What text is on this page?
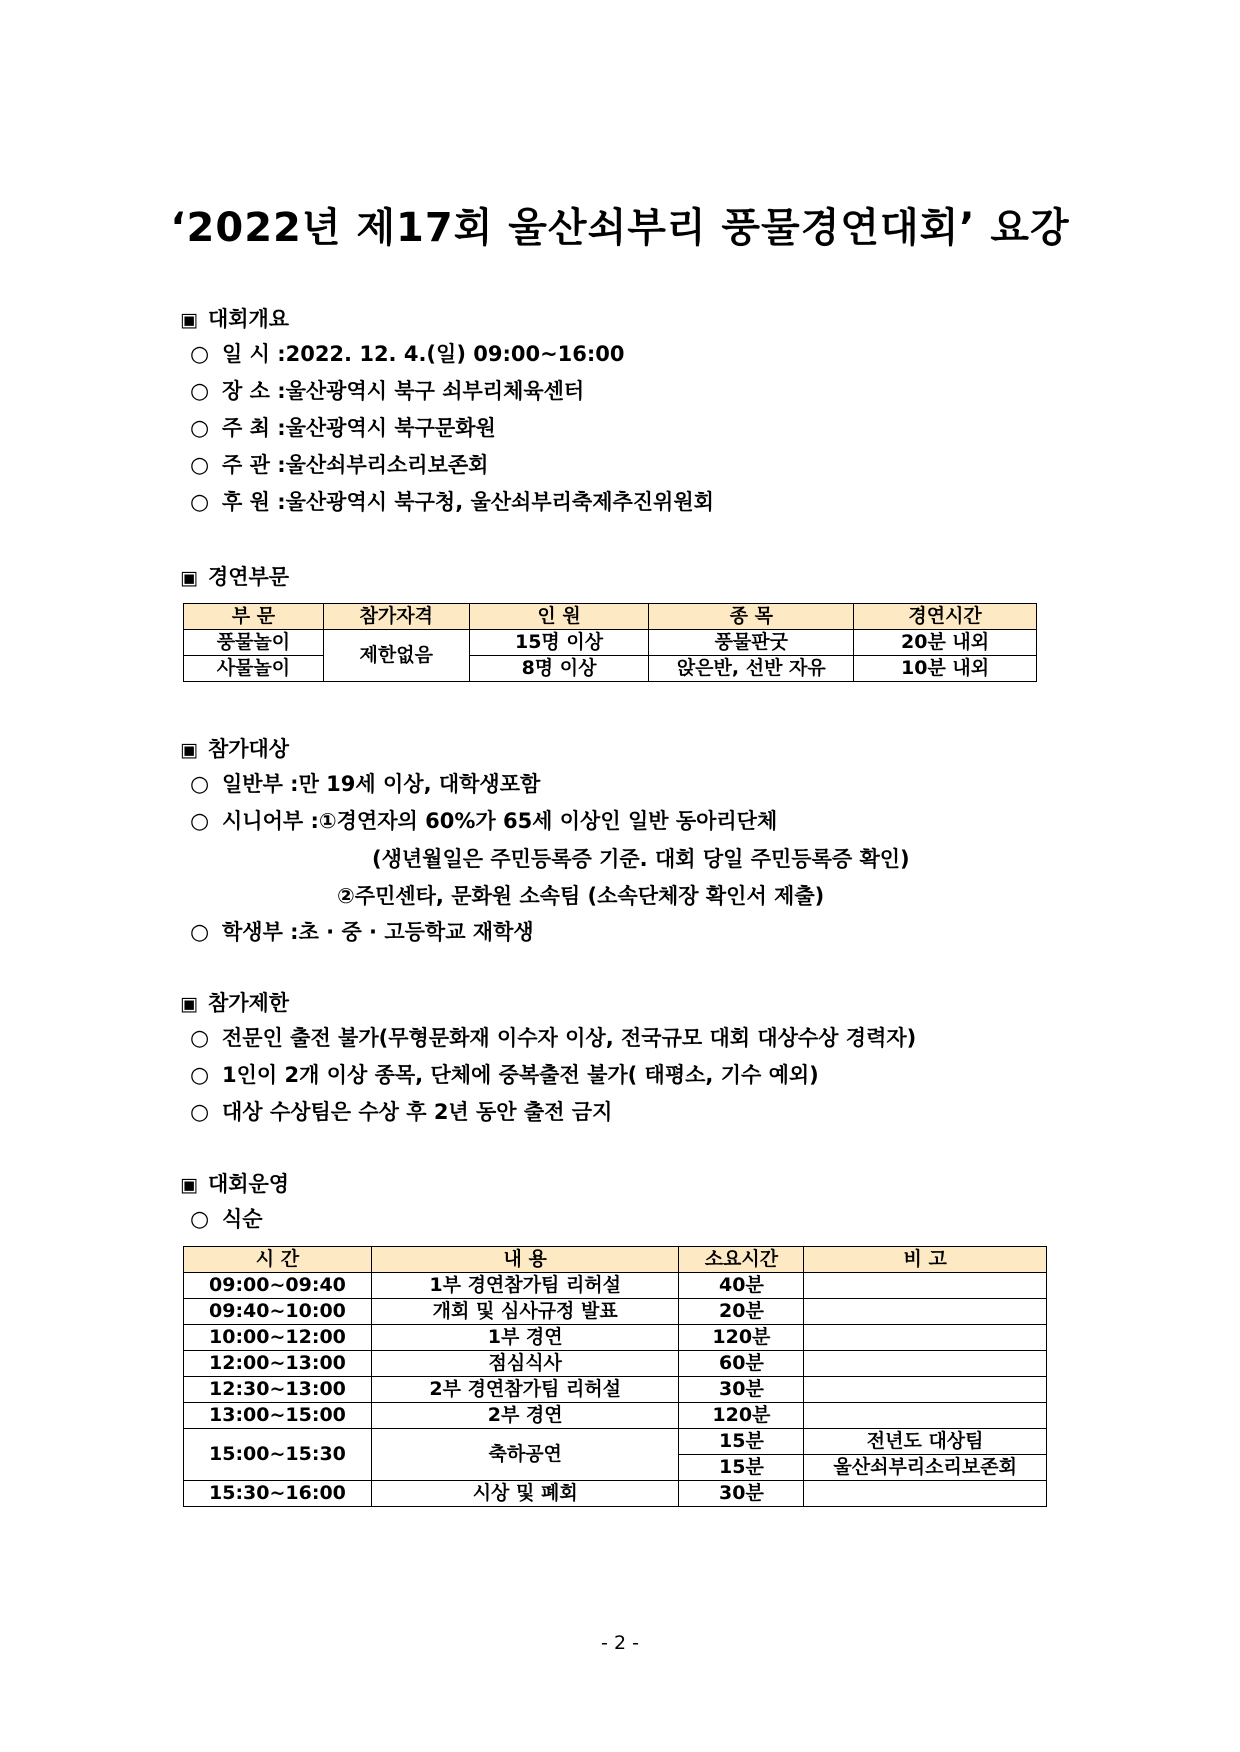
‘2022년 제17회 울산쇠부리 풍물경연대회’ 요강
▣ 대회개요
○ 일 시 :2022. 12. 4.(일) 09:00~16:00
○ 장 소 :울산광역시 북구 쇠부리체육센터
○ 주 최 :울산광역시 북구문화원
○ 주 관 :울산쇠부리소리보존회
○ 후 원 :울산광역시 북구청, 울산쇠부리축제추진위원회
▣ 경연부문
부 문	참가자격	인 원	종 목	경연시간
풍물놀이	제한없음	15명 이상	풍물판굿	20분 내외
사물놀이		8명 이상	앉은반, 선반 자유	10분 내외
▣ 참가대상
○ 일반부 :만 19세 이상, 대학생포함
○ 시니어부 :①경연자의 60%가 65세 이상인 일반 동아리단체
(생년월일은 주민등록증 기준. 대회 당일 주민등록증 확인)
②주민센타, 문화원 소속팀 (소속단체장 확인서 제출)
○ 학생부 :초 · 중 · 고등학교 재학생
▣ 참가제한
○ 전문인 출전 불가(무형문화재 이수자 이상, 전국규모 대회 대상수상 경력자)
○ 1인이 2개 이상 종목, 단체에 중복출전 불가( 태평소, 기수 예외)
○ 대상 수상팀은 수상 후 2년 동안 출전 금지
▣ 대회운영
○ 식순
시 간	내 용	소요시간	비 고
09:00~09:40	1부 경연참가팀 리허설	40분	
09:40~10:00	개회 및 심사규정 발표	20분	
10:00~12:00	1부 경연	120분	
12:00~13:00	점심식사	60분	
12:30~13:00	2부 경연참가팀 리허설	30분	
13:00~15:00	2부 경연	120분	
15:00~15:30	축하공연	15분	전년도 대상팀
		15분	울산쇠부리소리보존회
15:30~16:00	시상 및 폐회	30분	
- 2 -
